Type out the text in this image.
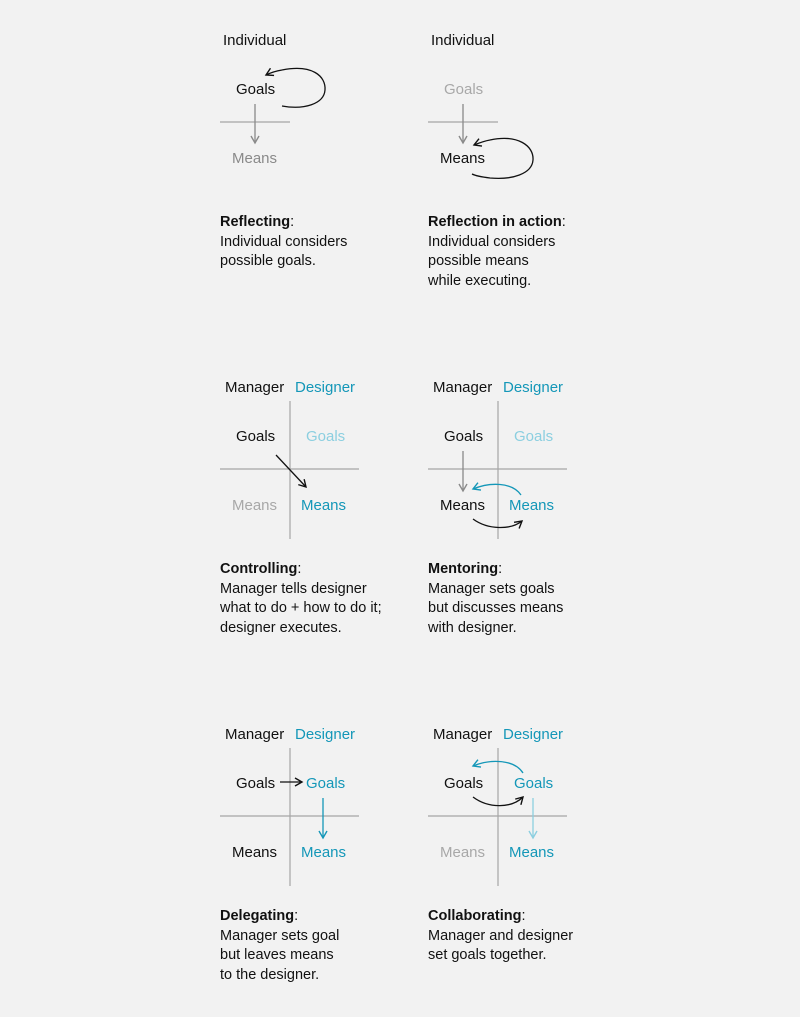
Individual
Goals
Means
Individual
Goals
Means
Manager Designer
Goals Goals
Means Means
Manager Designer
Goals Goals
Means Means
Manager Designer
Goals Goals
Means Means
Manager Designer
Goals Goals
Means Means
Reflecting:
Individual considers
possible goals.
Reflection in action:
Individual considers
possible means
while executing.
Controlling:
Manager tells designer
what to do + how to do it;
designer executes.
Mentoring:
Manager sets goals
but discusses means
with designer.
Delegating:
Manager sets goal
but leaves means
to the designer.
Collaborating:
Manager and designer
set goals together.
